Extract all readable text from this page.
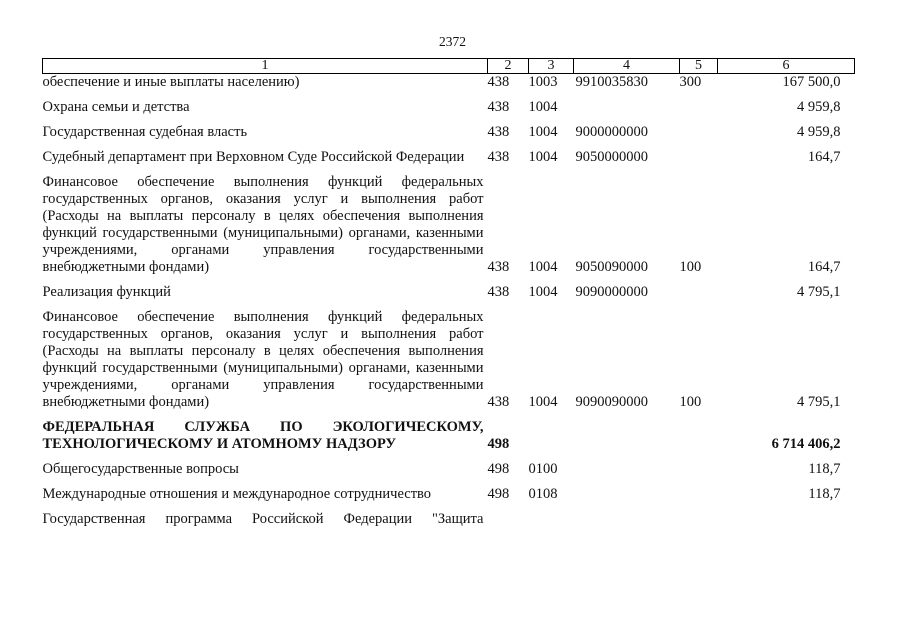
2372
1	2	3	4	5	6
обеспечение и иные выплаты населению)	438	1003	9910035830	300	167 500,0

Охрана семьи и детства	438	1004			4 959,8

Государственная судебная власть	438	1004	9000000000		4 959,8

Судебный департамент при Верховном Суде Российской Федерации	438	1004	9050000000		164,7

Финансовое обеспечение выполнения функций федеральных государственных органов, оказания услуг и выполнения работ (Расходы на выплаты персоналу в целях обеспечения выполнения функций государственными (муниципальными) органами, казенными учреждениями, органами управления государственными внебюджетными фондами)	438	1004	9050090000	100	164,7

Реализация функций	438	1004	9090000000		4 795,1

Финансовое обеспечение выполнения функций федеральных государственных органов, оказания услуг и выполнения работ (Расходы на выплаты персоналу в целях обеспечения выполнения функций государственными (муниципальными) органами, казенными учреждениями, органами управления государственными внебюджетными фондами)	438	1004	9090090000	100	4 795,1

ФЕДЕРАЛЬНАЯ СЛУЖБА ПО ЭКОЛОГИЧЕСКОМУ, ТЕХНОЛОГИЧЕСКОМУ И АТОМНОМУ НАДЗОРУ	498				6 714 406,2

Общегосударственные вопросы	498	0100			118,7

Международные отношения и международное сотрудничество	498	0108			118,7

Государственная программа Российской Федерации "Защита					
